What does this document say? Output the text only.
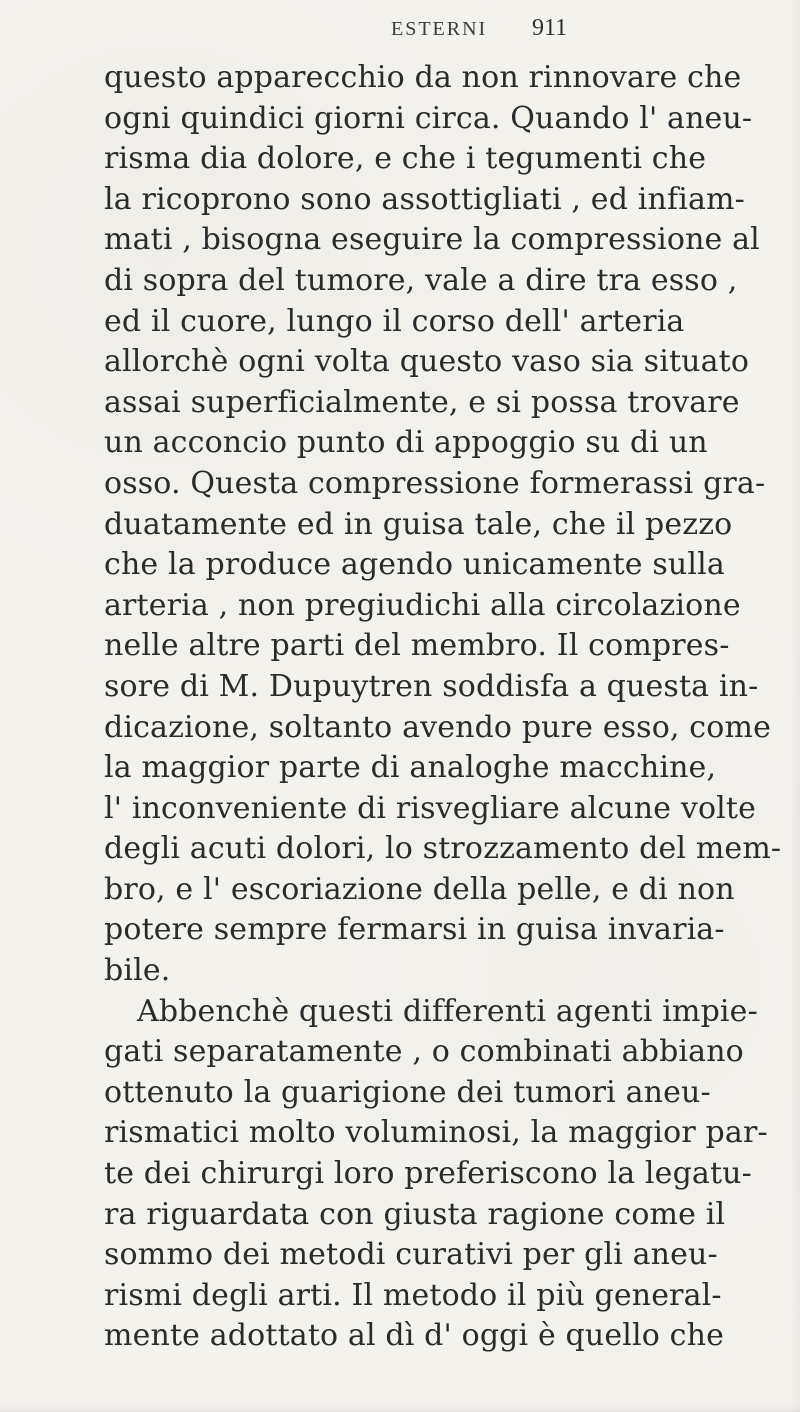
ESTERNI 911
questo apparecchio da non rinnovare che
ogni quindici giorni circa. Quando l' aneu-
risma dia dolore, e che i tegumenti che
la ricoprono sono assottigliati , ed infiam-
mati , bisogna eseguire la compressione al
di sopra del tumore, vale a dire tra esso ,
ed il cuore, lungo il corso dell' arteria
allorchè ogni volta questo vaso sia situato
assai superficialmente, e si possa trovare
un acconcio punto di appoggio su di un
osso. Questa compressione formerassi gra-
duatamente ed in guisa tale, che il pezzo
che la produce agendo unicamente sulla
arteria , non pregiudichi alla circolazione
nelle altre parti del membro. Il compres-
sore di M. Dupuytren soddisfa a questa in-
dicazione, soltanto avendo pure esso, come
la maggior parte di analoghe macchine,
l' inconveniente di risvegliare alcune volte
degli acuti dolori, lo strozzamento del mem-
bro, e l' escoriazione della pelle, e di non
potere sempre fermarsi in guisa invaria-
bile.
Abbenchè questi differenti agenti impie-
gati separatamente , o combinati abbiano
ottenuto la guarigione dei tumori aneu-
rismatici molto voluminosi, la maggior par-
te dei chirurgi loro preferiscono la legatu-
ra riguardata con giusta ragione come il
sommo dei metodi curativi per gli aneu-
rismi degli arti. Il metodo il più general-
mente adottato al dì d' oggi è quello che
